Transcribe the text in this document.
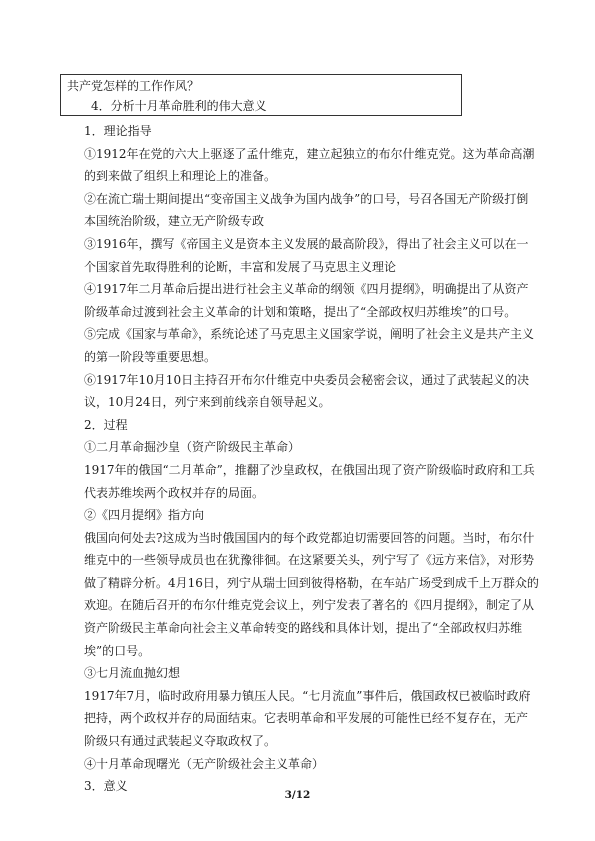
共产党怎样的工作作风？
4．分析十月革命胜利的伟大意义

1．理论指导

①1912年在党的六大上驱逐了孟什维克，建立起独立的布尔什维克党。这为革命高潮的到来做了组织上和理论上的准备。

②在流亡瑞士期间提出“变帝国主义战争为国内战争”的口号，号召各国无产阶级打倒本国统治阶级，建立无产阶级专政

③1916年，撰写《帝国主义是资本主义发展的最高阶段》，得出了社会主义可以在一个国家首先取得胜利的论断，丰富和发展了马克思主义理论

④1917年二月革命后提出进行社会主义革命的纲领《四月提纲》，明确提出了从资产阶级革命过渡到社会主义革命的计划和策略，提出了“全部政权归苏维埃”的口号。

⑤完成《国家与革命》，系统论述了马克思主义国家学说，阐明了社会主义是共产主义的第一阶段等重要思想。

⑥1917年10月10日主持召开布尔什维克中央委员会秘密会议，通过了武装起义的决议，10月24日，列宁来到前线亲自领导起义。

2．过程

①二月革命掘沙皇（资产阶级民主革命）

1917年的俄国“二月革命”，推翻了沙皇政权，在俄国出现了资产阶级临时政府和工兵代表苏维埃两个政权并存的局面。

②《四月提纲》指方向

俄国向何处去?这成为当时俄国国内的每个政党都迫切需要回答的问题。当时，布尔什维克中的一些领导成员也在犹豫徘徊。在这紧要关头，列宁写了《远方来信》，对形势做了精辟分析。4月16日，列宁从瑞士回到彼得格勒，在车站广场受到成千上万群众的欢迎。在随后召开的布尔什维克党会议上，列宁发表了著名的《四月提纲》，制定了从资产阶级民主革命向社会主义革命转变的路线和具体计划，提出了“全部政权归苏维埃”的口号。

③七月流血抛幻想

1917年7月，临时政府用暴力镇压人民。“七月流血”事件后，俄国政权已被临时政府把持，两个政权并存的局面结束。它表明革命和平发展的可能性已经不复存在，无产阶级只有通过武装起义夺取政权了。

④十月革命现曙光（无产阶级社会主义革命）

3．意义

3/12
